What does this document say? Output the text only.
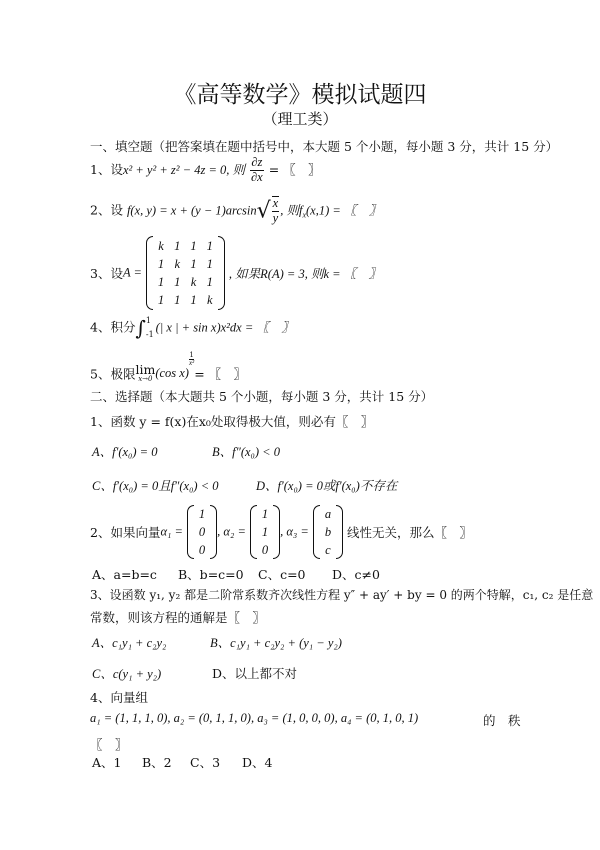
《高等数学》模拟试题四
（理工类）
一、填空题（把答案填在题中括号中，本大题 5 个小题，每小题 3 分，共计 15 分）
1、设x² + y² + z² − 4z = 0, 则 $\frac{\partial z}{\partial x}$ = 〖　〗
2、设 f(x, $y) = x + (y - 1)\arcsin√ \frac{x}{y}$ , 则$f_x(x,1)$ = 〖　〗
3、设A =
k	1	1	1
1	k	1	1
1	1	k	1
1	1	1	k
, 如果R(A) = 3, 则k = 〖　〗
4、积分∫ 1
-1 (| x | + sin x)x²dx = 〖　〗
5、极限 lim
x→0 (cos x)
$\frac{1}{\text{x²}}$
= 〖　〗
二、选择题（本大题共 5 个小题，每小题 3 分，共计 15 分）
1、函数 y = f(x)在x₀处取得极大值，则必有〖　〗
A、f′(x₀) = 0	B、f″(x₀) < 0
C、f′(x₀) = 0且f″(x₀) < 0	D、f′(x₀) = 0或f′(x₀)不存在
2、如果向量α₁ =
1
0
0
, α₂ =
1
1
0
, α₃ =
a
b
c
线性无关，那么〖　〗
A、a=b=c B、b=c=0 C、c=0 D、c≠0
3、设函数 y₁, y₂ 都是二阶常系数齐次线性方程 y″ + ay′ + by = 0 的两个特解，c₁, c₂ 是任意
常数，则该方程的通解是〖　〗
A、c₁y₁ + c₂y₂	B、c₁y₁ + c₂y₂ + (y₁ − y₂)
C、c(y₁ + y₂)	D、以上都不对
4、向量组
a₁ = (1, 1, 1, 0), a₂ = (0, 1, 1, 0), a₃ = (1, 0, 0, 0), a₄ = (0, 1, 0, 1)	的　秩
〖　〗
A、1 B、2 C、3 D、4
